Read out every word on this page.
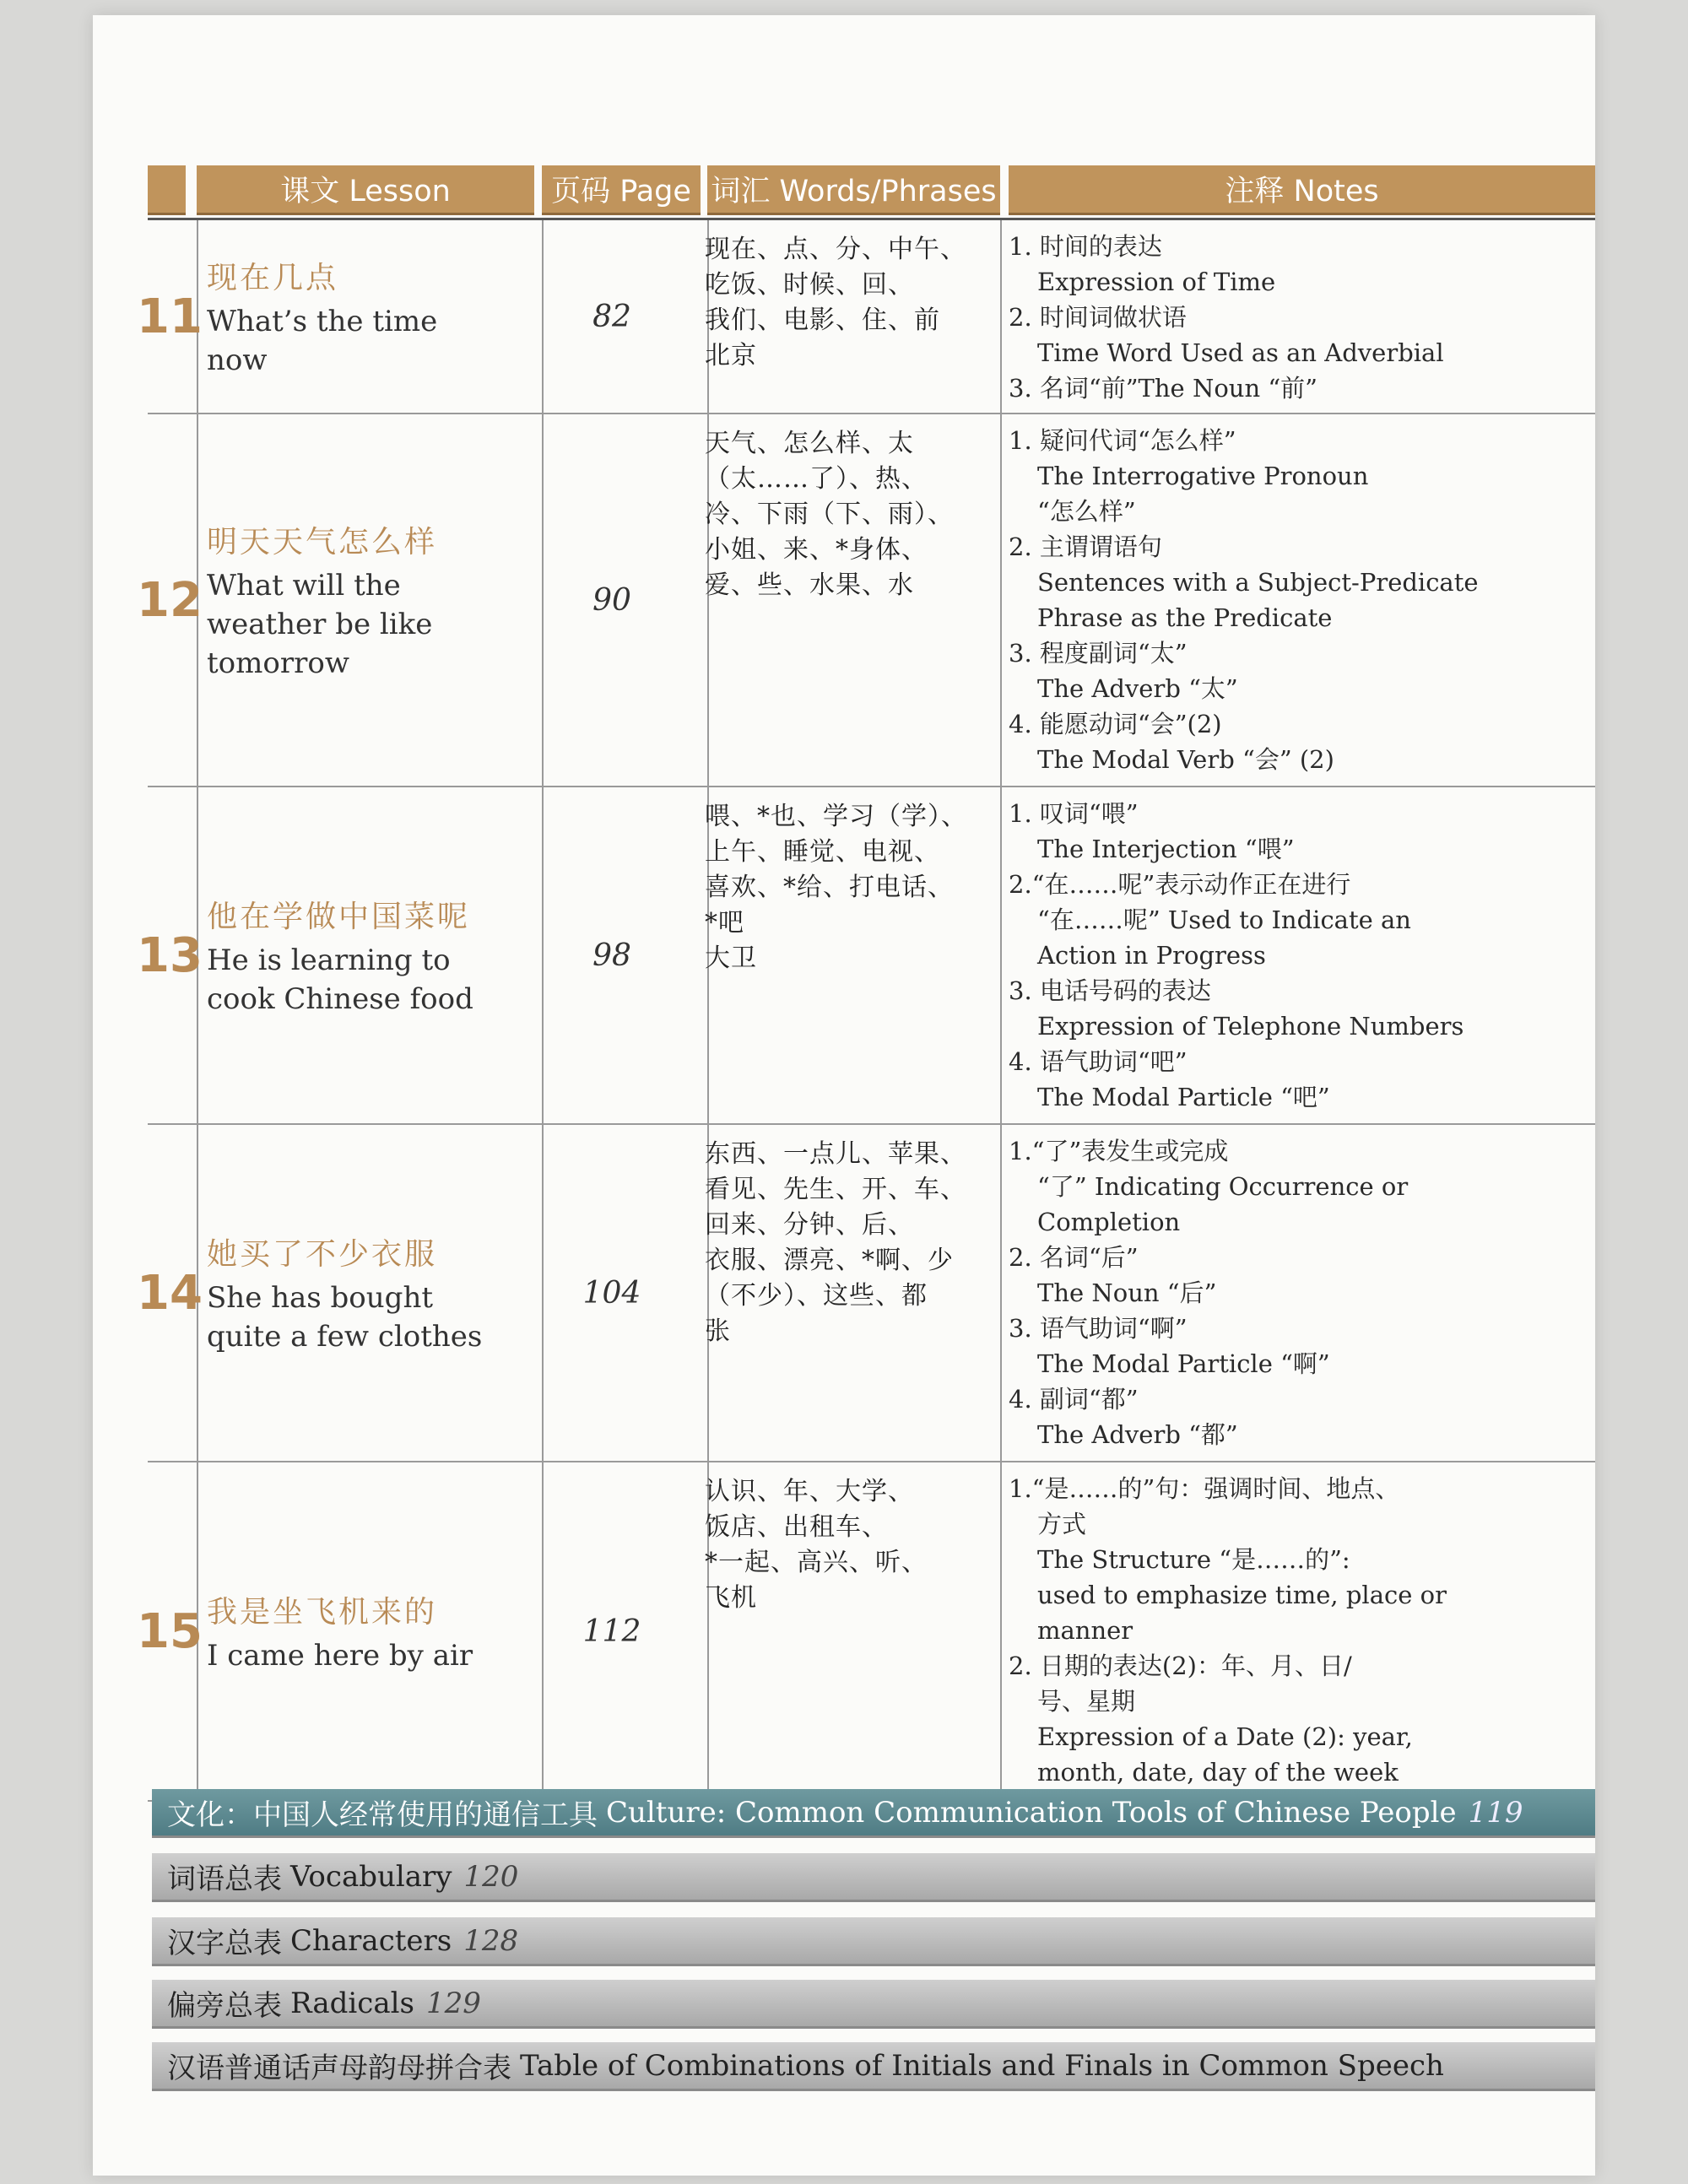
课文 Lesson	页码 Page 词汇 Words/Phrases	注释 Notes
11
现在几点
What’s the time now
82
现在、点、分、中午、
吃饭、时候、回、
我们、电影、住、前
北京
1. 时间的表达
Expression of Time
2. 时间词做状语
Time Word Used as an Adverbial
3. 名词“前”The Noun “前”
12
明天天气怎么样
What will the weather be like tomorrow
90
天气、怎么样、太
（太……了）、热、
冷、下雨（下、雨）、
小姐、来、*身体、
爱、些、水果、水
1. 疑问代词“怎么样”
The Interrogative Pronoun
“怎么样”
2. 主谓谓语句
Sentences with a Subject-Predicate
Phrase as the Predicate
3. 程度副词“太”
The Adverb “太”
4. 能愿动词“会”(2)
The Modal Verb “会” (2)
13
他在学做中国菜呢
He is learning to cook Chinese food
98
喂、*也、学习（学）、
上午、睡觉、电视、
喜欢、*给、打电话、
*吧
大卫
1. 叹词“喂”
The Interjection “喂”
2.“在……呢”表示动作正在进行
“在……呢” Used to Indicate an
Action in Progress
3. 电话号码的表达
Expression of Telephone Numbers
4. 语气助词“吧”
The Modal Particle “吧”
14
她买了不少衣服
She has bought quite a few clothes
104
东西、一点儿、苹果、
看见、先生、开、车、
回来、分钟、后、
衣服、漂亮、*啊、少
（不少）、这些、都
张
1.“了”表发生或完成
“了” Indicating Occurrence or
Completion
2. 名词“后”
The Noun “后”
3. 语气助词“啊”
The Modal Particle “啊”
4. 副词“都”
The Adverb “都”
15 我是坐飞机来的
I came here by air
112
认识、年、大学、
饭店、出租车、
*一起、高兴、听、
飞机
1.“是……的”句：强调时间、地点、
方式
The Structure “是……的”:
used to emphasize time, place or
manner
2. 日期的表达(2)：年、月、日/
号、星期
Expression of a Date (2): year,
month, date, day of the week
文化：中国人经常使用的通信工具 Culture: Common Communication Tools of Chinese People 119
词语总表 Vocabulary 120
汉字总表 Characters 128
偏旁总表 Radicals 129
汉语普通话声母韵母拼合表 Table of Combinations of Initials and Finals in Common Speech
